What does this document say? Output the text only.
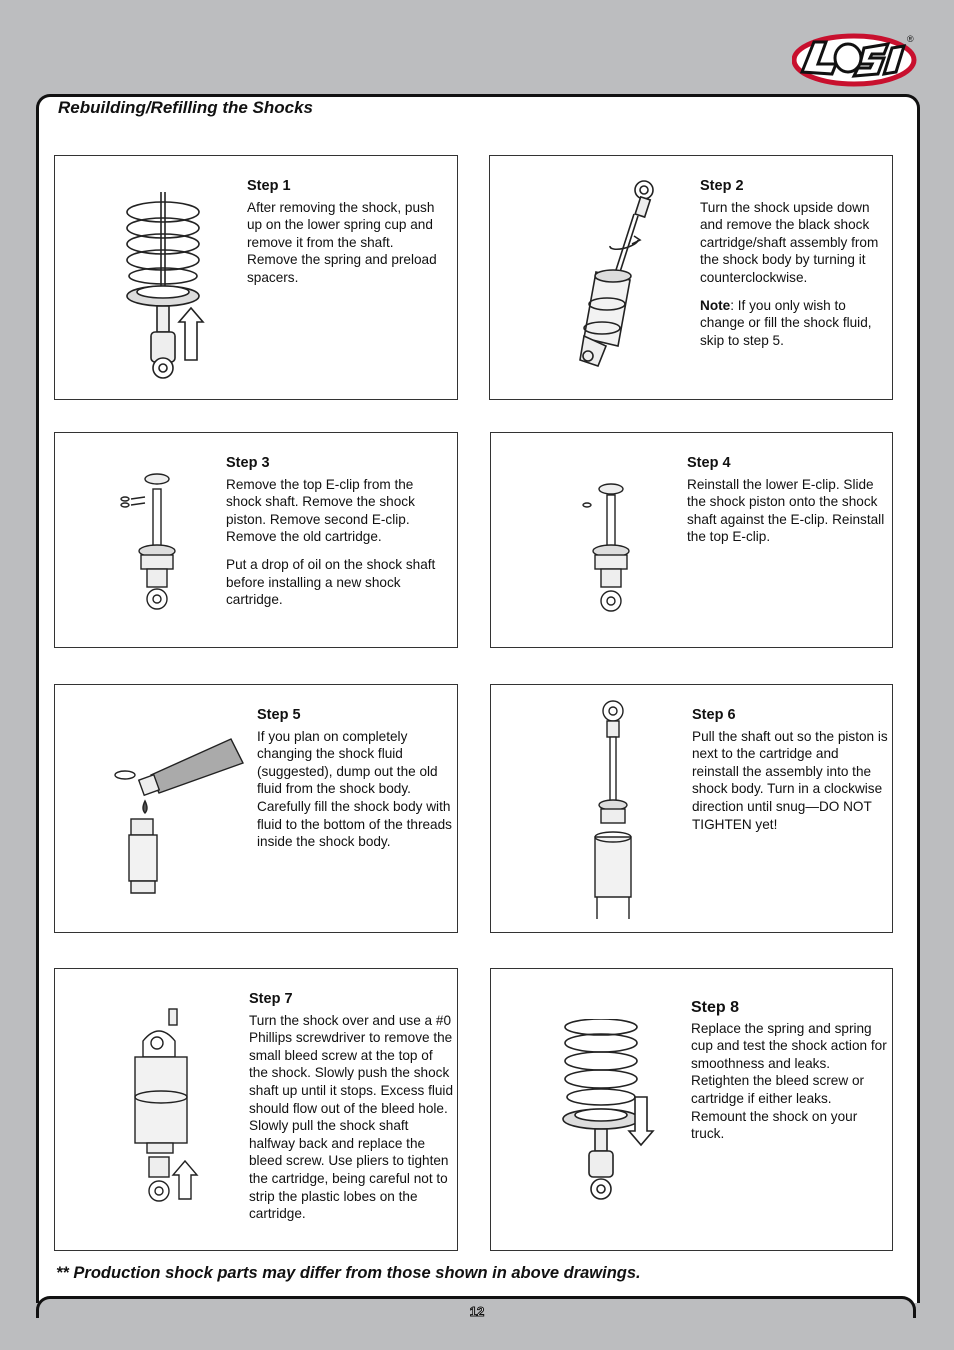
®
Rebuilding/Refilling the Shocks
Step 1

After removing the shock, push up on the lower spring cup and remove it from the shaft. Remove the spring and preload spacers.

Step 2

Turn the shock upside down and remove the black shock cartridge/shaft assembly from the shock body by turning it counterclockwise.

Note: If you only wish to change or fill the shock fluid, skip to step 5.

Step 3

Remove the top E-clip from the shock shaft. Remove the shock piston. Remove second E-clip. Remove the old cartridge.

Put a drop of oil on the shock shaft before installing a new shock cartridge.

Step 4

Reinstall the lower E-clip. Slide the shock piston onto the shock shaft against the E-clip. Reinstall the top E-clip.

Step 5

If you plan on completely changing the shock fluid (suggested), dump out the old fluid from the shock body. Carefully fill the shock body with fluid to the bottom of the threads inside the shock body.

Step 6

Pull the shaft out so the piston is next to the cartridge and reinstall the assembly into the shock body. Turn in a clockwise direction until snug—DO NOT TIGHTEN yet!

Step 7

Turn the shock over and use a #0 Phillips screwdriver to remove the small bleed screw at the top of the shock. Slowly push the shock shaft up until it stops. Excess fluid should flow out of the bleed hole. Slowly pull the shock shaft halfway back and replace the bleed screw. Use pliers to tighten the cartridge, being careful not to strip the plastic lobes on the cartridge.

Step 8

Replace the spring and spring cup and test the shock action for smoothness and leaks. Retighten the bleed screw or cartridge if either leaks. Remount the shock on your truck.

** Production shock parts may differ from those shown in above drawings.
12
